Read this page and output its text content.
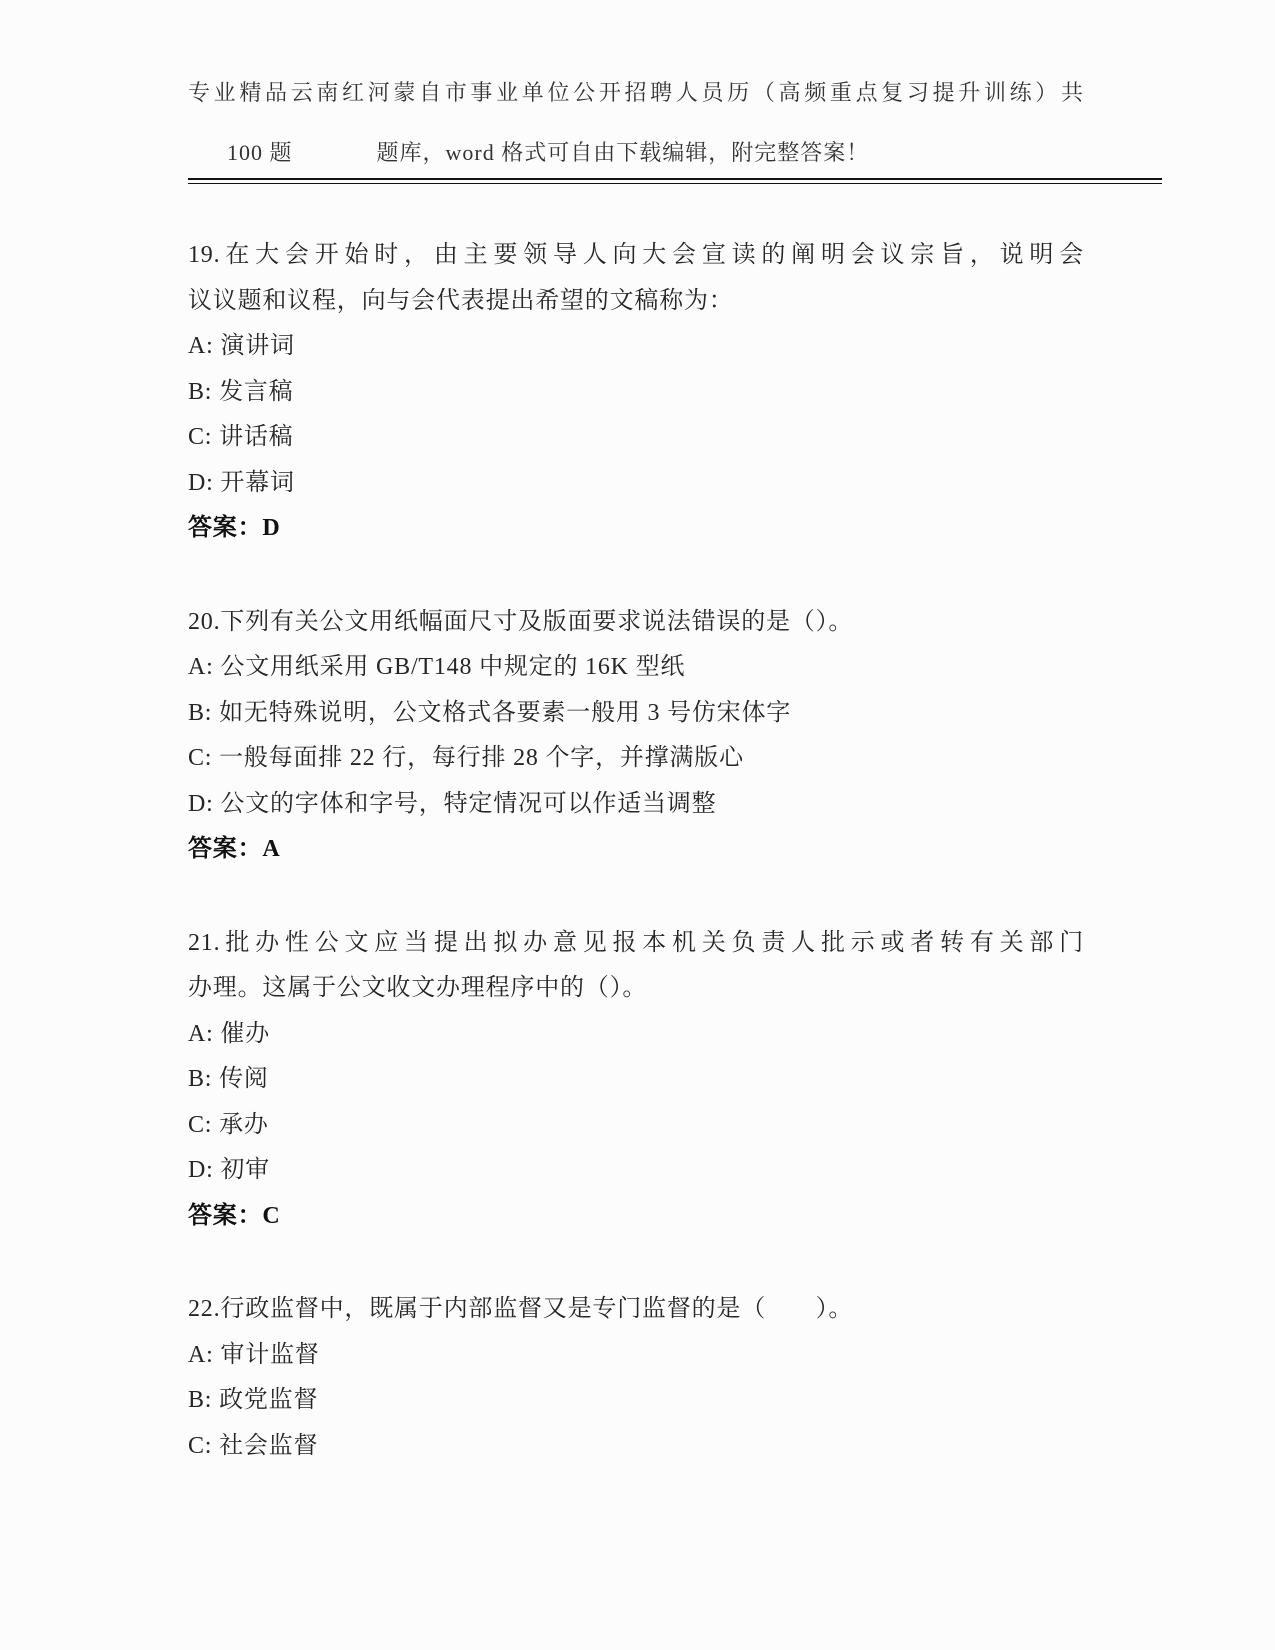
专业精品云南红河蒙自市事业单位公开招聘人员历（高频重点复习提升训练）共

100 题	题库，word 格式可自由下载编辑，附完整答案！

19.在大会开始时，由主要领导人向大会宣读的阐明会议宗旨，说明会
议议题和议程，向与会代表提出希望的文稿称为：
A: 演讲词
B: 发言稿
C: 讲话稿
D: 开幕词
答案：D
20.下列有关公文用纸幅面尺寸及版面要求说法错误的是（）。
A: 公文用纸采用 GB/T148 中规定的 16K 型纸
B: 如无特殊说明，公文格式各要素一般用 3 号仿宋体字
C: 一般每面排 22 行，每行排 28 个字，并撑满版心
D: 公文的字体和字号，特定情况可以作适当调整
答案：A
21.批办性公文应当提出拟办意见报本机关负责人批示或者转有关部门
办理。这属于公文收文办理程序中的（）。
A: 催办
B: 传阅
C: 承办
D: 初审
答案：C
22.行政监督中，既属于内部监督又是专门监督的是（　　）。
A: 审计监督
B: 政党监督
C: 社会监督
